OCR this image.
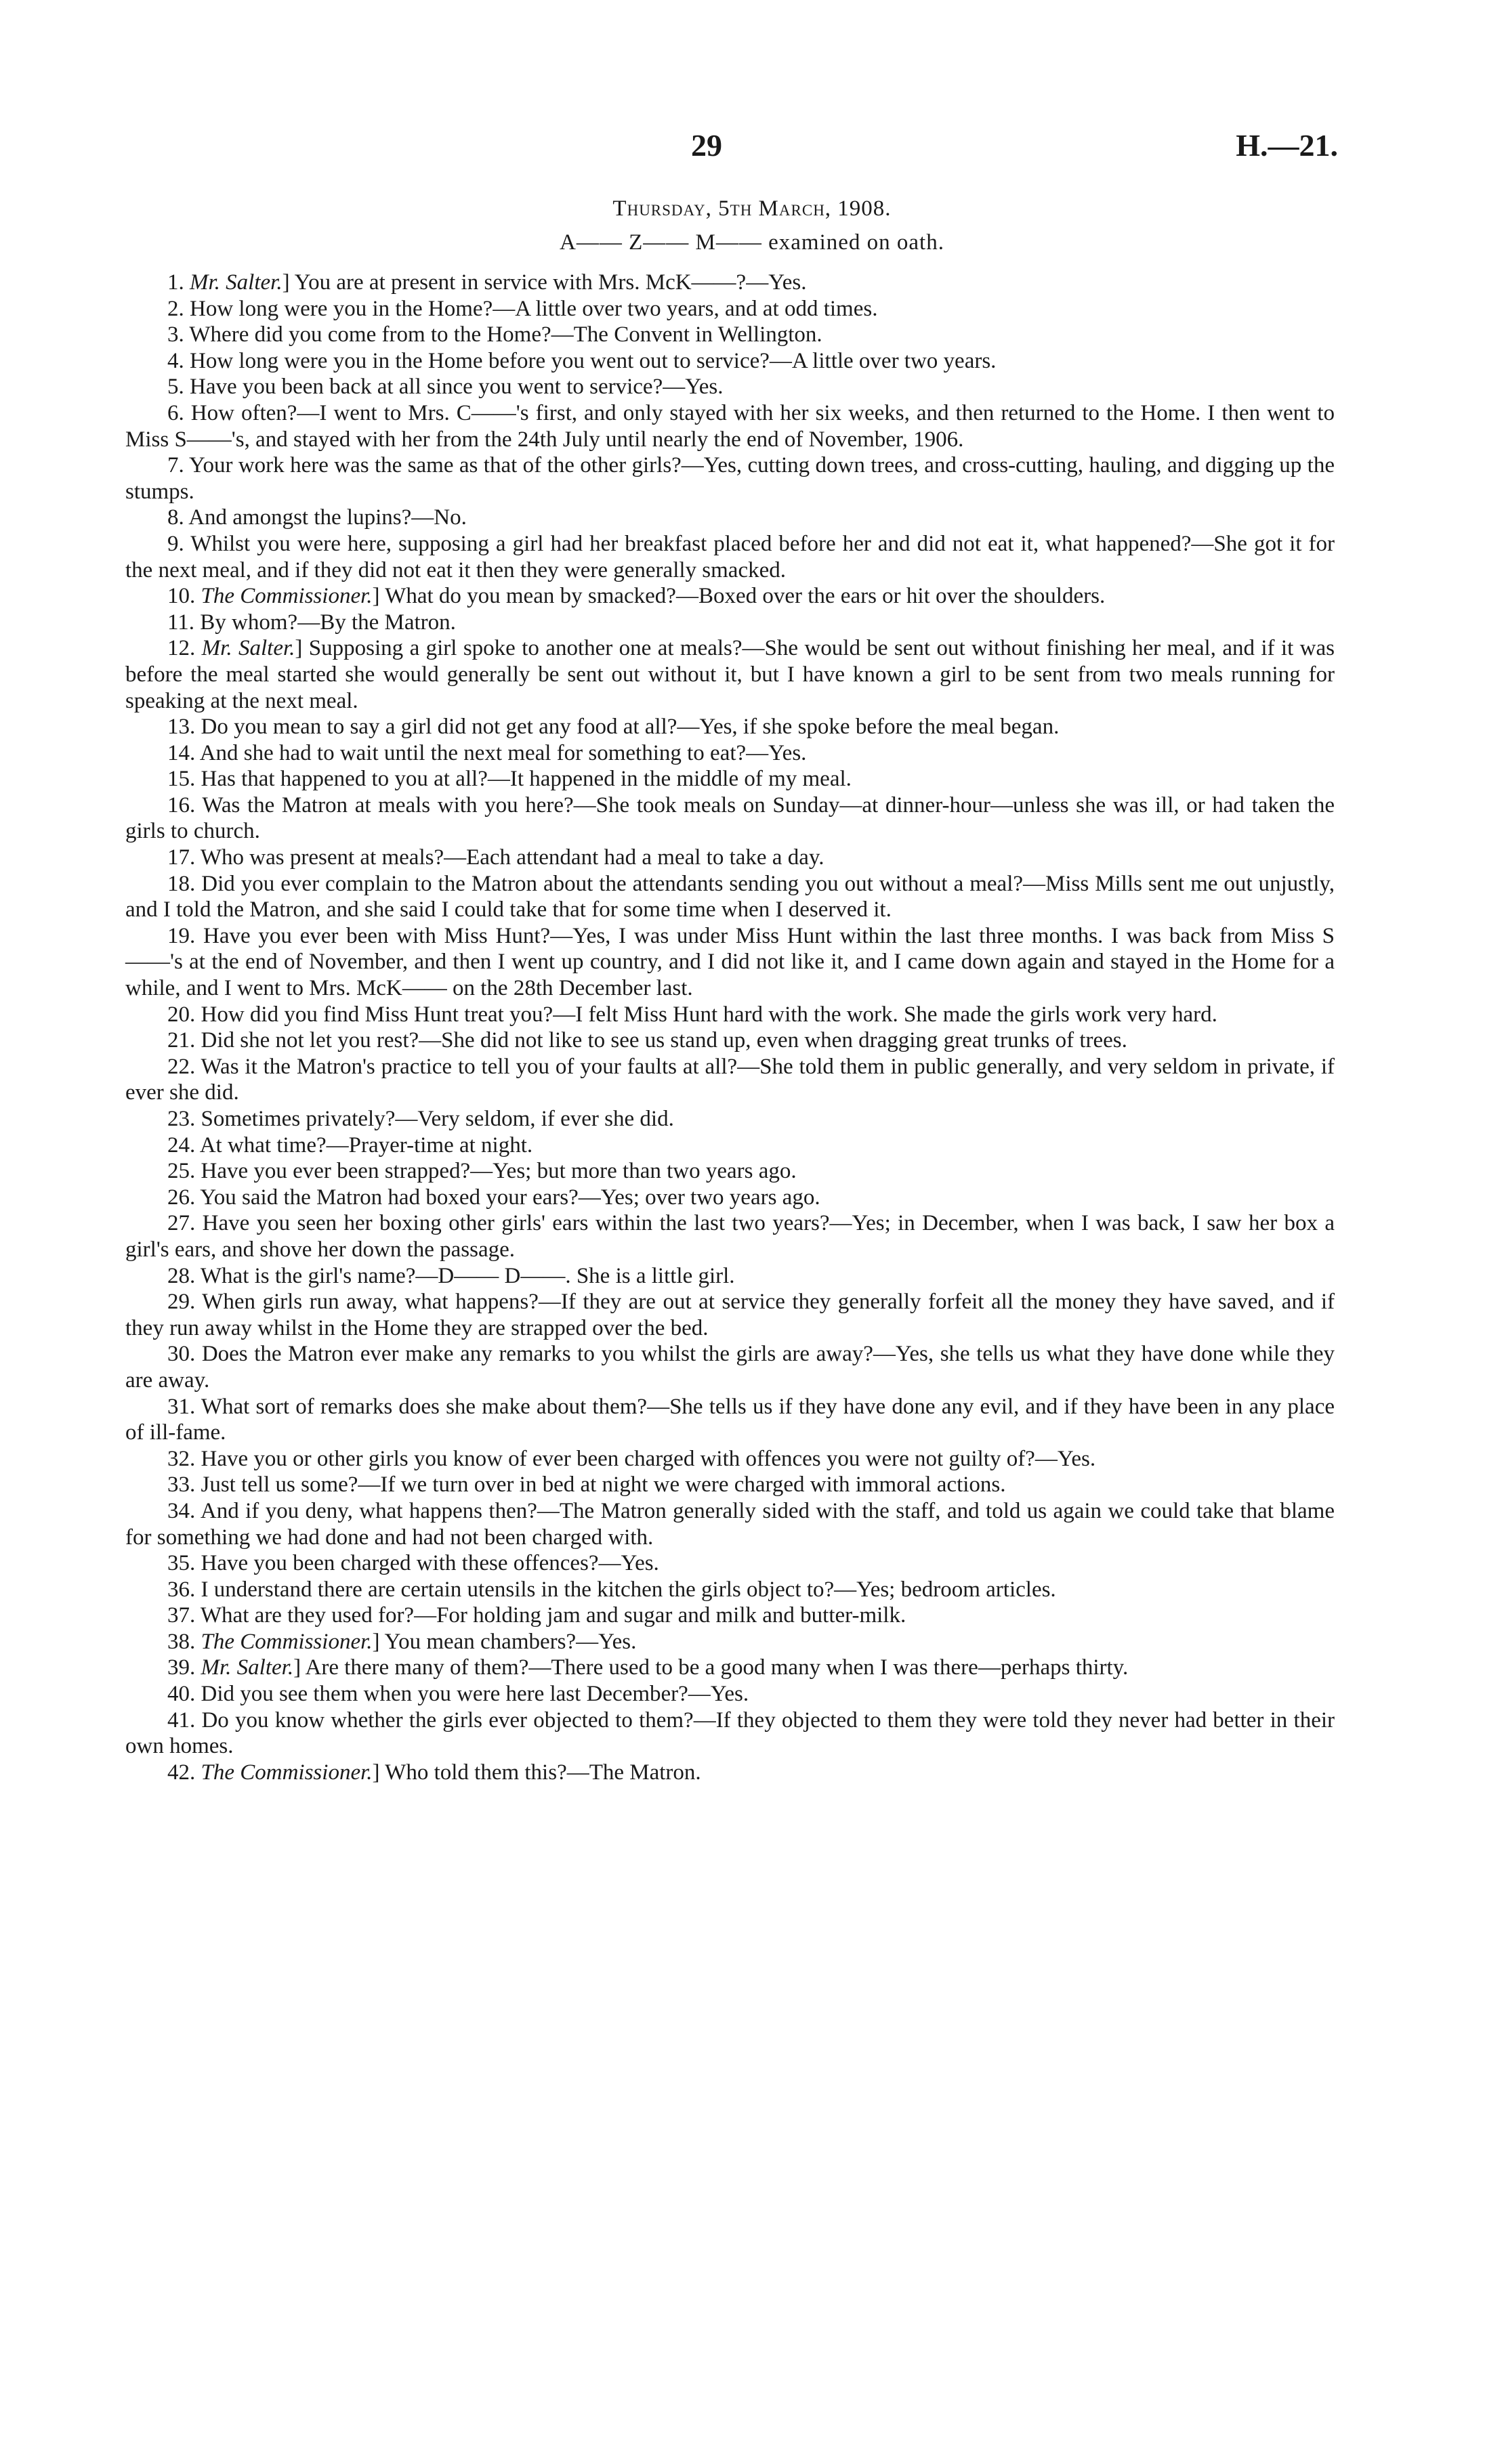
29	H.—21.
Thursday, 5th March, 1908.
A—— Z—— M—— examined on oath.

1. Mr. Salter.] You are at present in service with Mrs. McK——?—Yes.

2. How long were you in the Home?—A little over two years, and at odd times.

3. Where did you come from to the Home?—The Convent in Wellington.

4. How long were you in the Home before you went out to service?—A little over two years.

5. Have you been back at all since you went to service?—Yes.

6. How often?—I went to Mrs. C——'s first, and only stayed with her six weeks, and then returned to the Home. I then went to Miss S——'s, and stayed with her from the 24th July until nearly the end of November, 1906.

7. Your work here was the same as that of the other girls?—Yes, cutting down trees, and cross-cutting, hauling, and digging up the stumps.

8. And amongst the lupins?—No.

9. Whilst you were here, supposing a girl had her breakfast placed before her and did not eat it, what happened?—She got it for the next meal, and if they did not eat it then they were generally smacked.

10. The Commissioner.] What do you mean by smacked?—Boxed over the ears or hit over the shoulders.

11. By whom?—By the Matron.

12. Mr. Salter.] Supposing a girl spoke to another one at meals?—She would be sent out without finishing her meal, and if it was before the meal started she would generally be sent out without it, but I have known a girl to be sent from two meals running for speaking at the next meal.

13. Do you mean to say a girl did not get any food at all?—Yes, if she spoke before the meal began.

14. And she had to wait until the next meal for something to eat?—Yes.

15. Has that happened to you at all?—It happened in the middle of my meal.

16. Was the Matron at meals with you here?—She took meals on Sunday—at dinner-hour—unless she was ill, or had taken the girls to church.

17. Who was present at meals?—Each attendant had a meal to take a day.

18. Did you ever complain to the Matron about the attendants sending you out without a meal?—Miss Mills sent me out unjustly, and I told the Matron, and she said I could take that for some time when I deserved it.

19. Have you ever been with Miss Hunt?—Yes, I was under Miss Hunt within the last three months. I was back from Miss S——'s at the end of November, and then I went up country, and I did not like it, and I came down again and stayed in the Home for a while, and I went to Mrs. McK—— on the 28th December last.

20. How did you find Miss Hunt treat you?—I felt Miss Hunt hard with the work. She made the girls work very hard.

21. Did she not let you rest?—She did not like to see us stand up, even when dragging great trunks of trees.

22. Was it the Matron's practice to tell you of your faults at all?—She told them in public generally, and very seldom in private, if ever she did.

23. Sometimes privately?—Very seldom, if ever she did.

24. At what time?—Prayer-time at night.

25. Have you ever been strapped?—Yes; but more than two years ago.

26. You said the Matron had boxed your ears?—Yes; over two years ago.

27. Have you seen her boxing other girls' ears within the last two years?—Yes; in December, when I was back, I saw her box a girl's ears, and shove her down the passage.

28. What is the girl's name?—D—— D——. She is a little girl.

29. When girls run away, what happens?—If they are out at service they generally forfeit all the money they have saved, and if they run away whilst in the Home they are strapped over the bed.

30. Does the Matron ever make any remarks to you whilst the girls are away?—Yes, she tells us what they have done while they are away.

31. What sort of remarks does she make about them?—She tells us if they have done any evil, and if they have been in any place of ill-fame.

32. Have you or other girls you know of ever been charged with offences you were not guilty of?—Yes.

33. Just tell us some?—If we turn over in bed at night we were charged with immoral actions.

34. And if you deny, what happens then?—The Matron generally sided with the staff, and told us again we could take that blame for something we had done and had not been charged with.

35. Have you been charged with these offences?—Yes.

36. I understand there are certain utensils in the kitchen the girls object to?—Yes; bedroom articles.

37. What are they used for?—For holding jam and sugar and milk and butter-milk.

38. The Commissioner.] You mean chambers?—Yes.

39. Mr. Salter.] Are there many of them?—There used to be a good many when I was there—perhaps thirty.

40. Did you see them when you were here last December?—Yes.

41. Do you know whether the girls ever objected to them?—If they objected to them they were told they never had better in their own homes.

42. The Commissioner.] Who told them this?—The Matron.
